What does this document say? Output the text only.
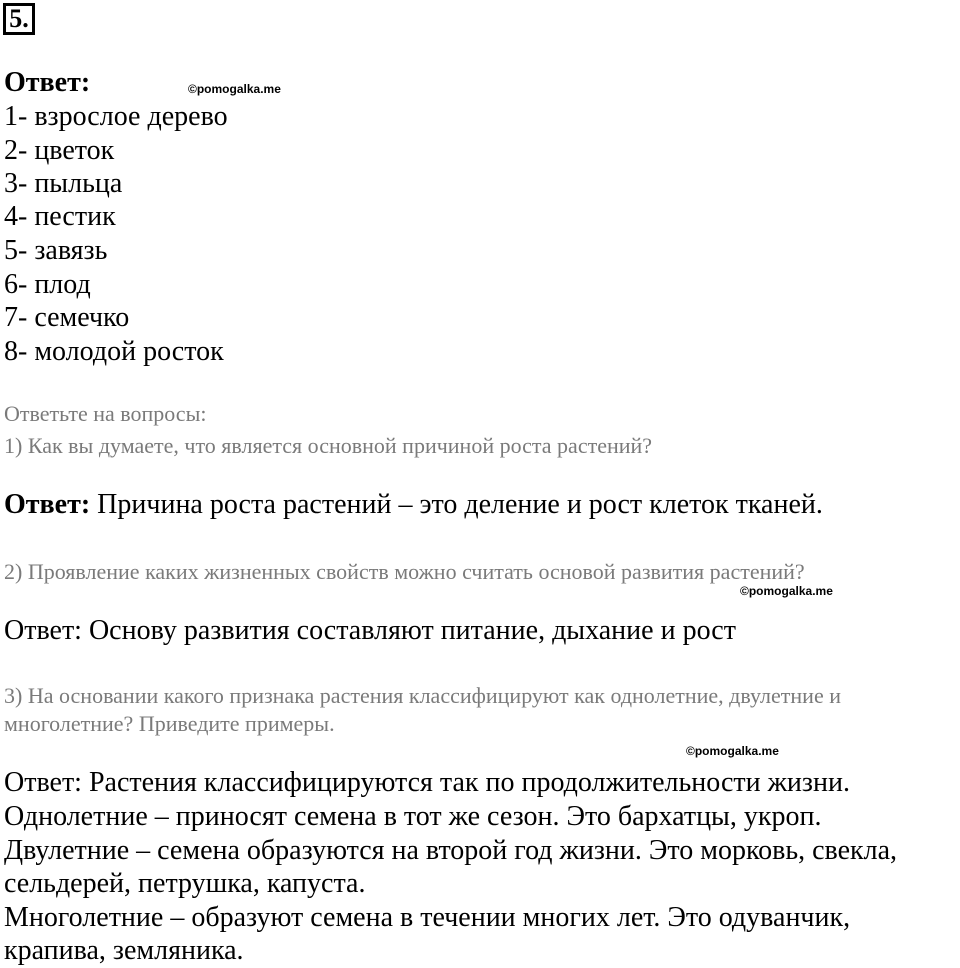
5.
Ответ:	©pomogalka.me
1- взрослое дерево
2- цветок
3- пыльца
4- пестик
5- завязь
6- плод
7- семечко
8- молодой росток
Ответьте на вопросы:
1) Как вы думаете, что является основной причиной роста растений?
Ответ: Причина роста растений – это деление и рост клеток тканей.
2) Проявление каких жизненных свойств можно считать основой развития растений?
©pomogalka.me
Ответ: Основу развития составляют питание, дыхание и рост
3) На основании какого признака растения классифицируют как однолетние, двулетние и
многолетние? Приведите примеры.
©pomogalka.me
Ответ: Растения классифицируются так по продолжительности жизни.
Однолетние – приносят семена в тот же сезон. Это бархатцы, укроп.
Двулетние – семена образуются на второй год жизни. Это морковь, свекла,
сельдерей, петрушка, капуста.
Многолетние – образуют семена в течении многих лет. Это одуванчик,
крапива, земляника.
